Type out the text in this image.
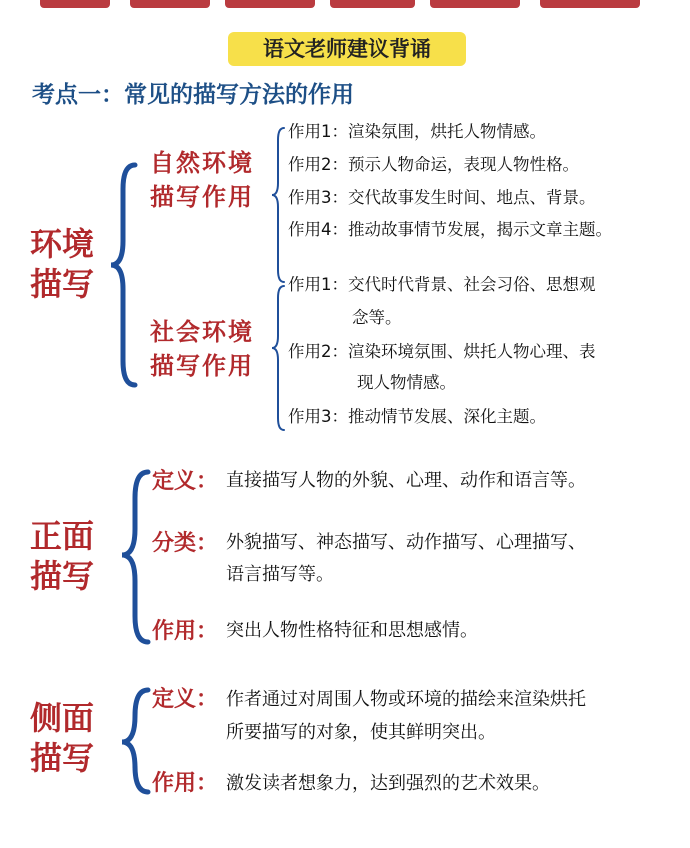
语文老师建议背诵
考点一：常见的描写方法的作用
环境
描写
自然环境
描写作用
作用1：渲染氛围，烘托人物情感。
作用2：预示人物命运，表现人物性格。
作用3：交代故事发生时间、地点、背景。
作用4：推动故事情节发展，揭示文章主题。
社会环境
描写作用
作用1：交代时代背景、社会习俗、思想观
念等。
作用2：渲染环境氛围、烘托人物心理、表
现人物情感。
作用3：推动情节发展、深化主题。
正面
描写
定义： 直接描写人物的外貌、心理、动作和语言等。
分类： 外貌描写、神态描写、动作描写、心理描写、
语言描写等。
作用： 突出人物性格特征和思想感情。
侧面
描写
定义： 作者通过对周围人物或环境的描绘来渲染烘托
所要描写的对象，使其鲜明突出。
作用： 激发读者想象力，达到强烈的艺术效果。
